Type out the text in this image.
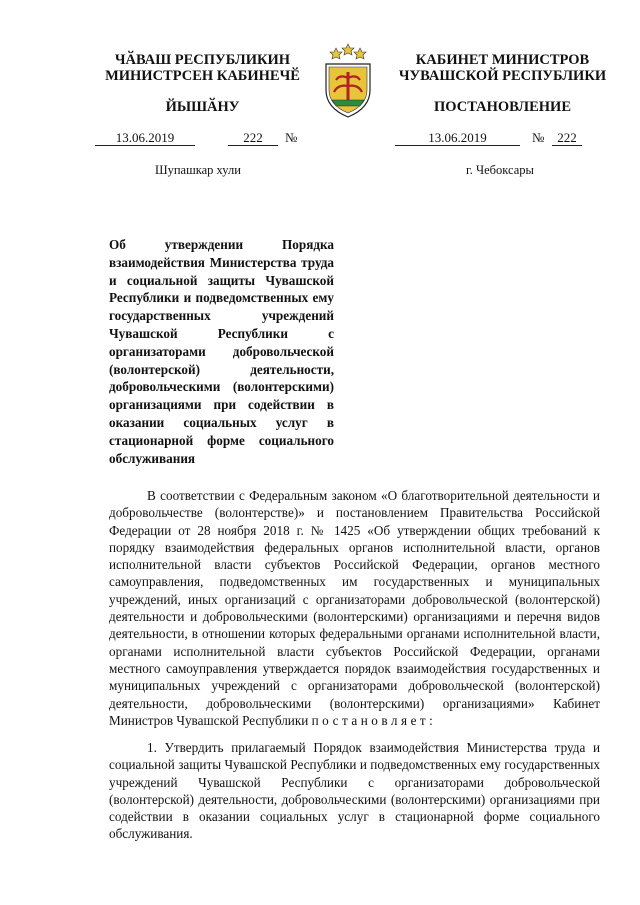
ЧӐВАШ РЕСПУБЛИКИН
МИНИСТРСЕН КАБИНЕЧӖ
ЙЫШӐНУ
КАБИНЕТ МИНИСТРОВ
ЧУВАШСКОЙ РЕСПУБЛИКИ
ПОСТАНОВЛЕНИЕ
13.06.2019	222	№	13.06.2019	№ 222
Шупашкар хули	г. Чебоксары
Об утверждении Порядка взаимодействия Министерства труда и социальной защиты Чувашской Республики и подведомственных ему государственных учреждений Чувашской Республики с организаторами добровольческой (волонтерской) деятельности, добровольческими (волонтерскими) организациями при содействии в оказании социальных услуг в стационарной форме социального обслуживания

В соответствии с Федеральным законом «О благотворительной деятельности и добровольчестве (волонтерстве)» и постановлением Правительства Российской Федерации от 28 ноября 2018 г. № 1425 «Об утверждении общих требований к порядку взаимодействия федеральных органов исполнительной власти, органов исполнительной власти субъектов Российской Федерации, органов местного самоуправления, подведомственных им государственных и муниципальных учреждений, иных организаций с организаторами добровольческой (волонтерской) деятельности и добровольческими (волонтерскими) организациями и перечня видов деятельности, в отношении которых федеральными органами исполнительной власти, органами исполнительной власти субъектов Российской Федерации, органами местного самоуправления утверждается порядок взаимодействия государственных и муниципальных учреждений с организаторами добровольческой (волонтерской) деятельности, добровольческими (волонтерскими) организациями» Кабинет Министров Чувашской Республики постановляет:

1. Утвердить прилагаемый Порядок взаимодействия Министерства труда и социальной защиты Чувашской Республики и подведомственных ему государственных учреждений Чувашской Республики с организаторами добровольческой (волонтерской) деятельности, добровольческими (волонтерскими) организациями при содействии в оказании социальных услуг в стационарной форме социального обслуживания.
